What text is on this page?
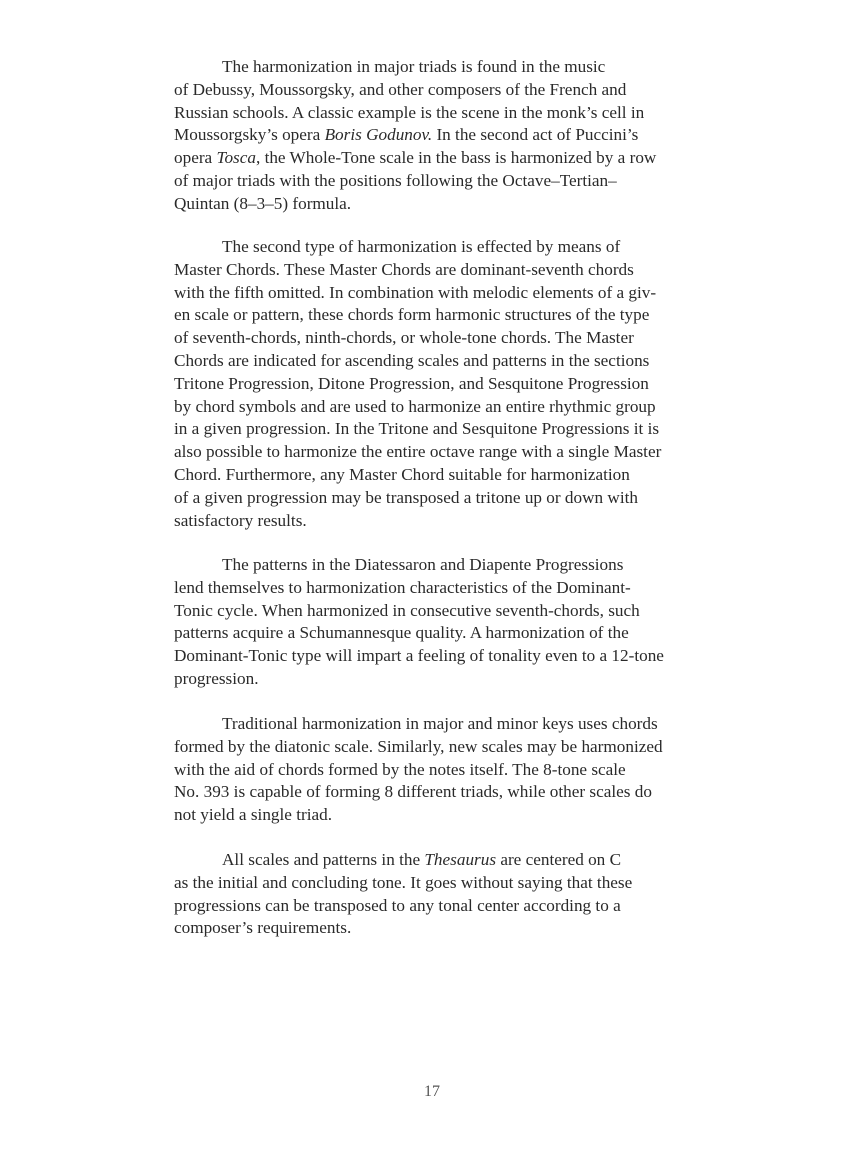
The harmonization in major triads is found in the music
of Debussy, Moussorgsky, and other composers of the French and
Russian schools. A classic example is the scene in the monk’s cell in
Moussorgsky’s opera Boris Godunov. In the second act of Puccini’s
opera Tosca, the Whole-Tone scale in the bass is harmonized by a row
of major triads with the positions following the Octave–Tertian–
Quintan (8–3–5) formula.
The second type of harmonization is effected by means of
Master Chords. These Master Chords are dominant-seventh chords
with the fifth omitted. In combination with melodic elements of a giv-
en scale or pattern, these chords form harmonic structures of the type
of seventh-chords, ninth-chords, or whole-tone chords. The Master
Chords are indicated for ascending scales and patterns in the sections
Tritone Progression, Ditone Progression, and Sesquitone Progression
by chord symbols and are used to harmonize an entire rhythmic group
in a given progression. In the Tritone and Sesquitone Progressions it is
also possible to harmonize the entire octave range with a single Master
Chord. Furthermore, any Master Chord suitable for harmonization
of a given progression may be transposed a tritone up or down with
satisfactory results.
The patterns in the Diatessaron and Diapente Progressions
lend themselves to harmonization characteristics of the Dominant-
Tonic cycle. When harmonized in consecutive seventh-chords, such
patterns acquire a Schumannesque quality. A harmonization of the
Dominant-Tonic type will impart a feeling of tonality even to a 12-tone
progression.
Traditional harmonization in major and minor keys uses chords
formed by the diatonic scale. Similarly, new scales may be harmonized
with the aid of chords formed by the notes itself. The 8-tone scale
No. 393 is capable of forming 8 different triads, while other scales do
not yield a single triad.
All scales and patterns in the Thesaurus are centered on C
as the initial and concluding tone. It goes without saying that these
progressions can be transposed to any tonal center according to a
composer’s requirements.
17
